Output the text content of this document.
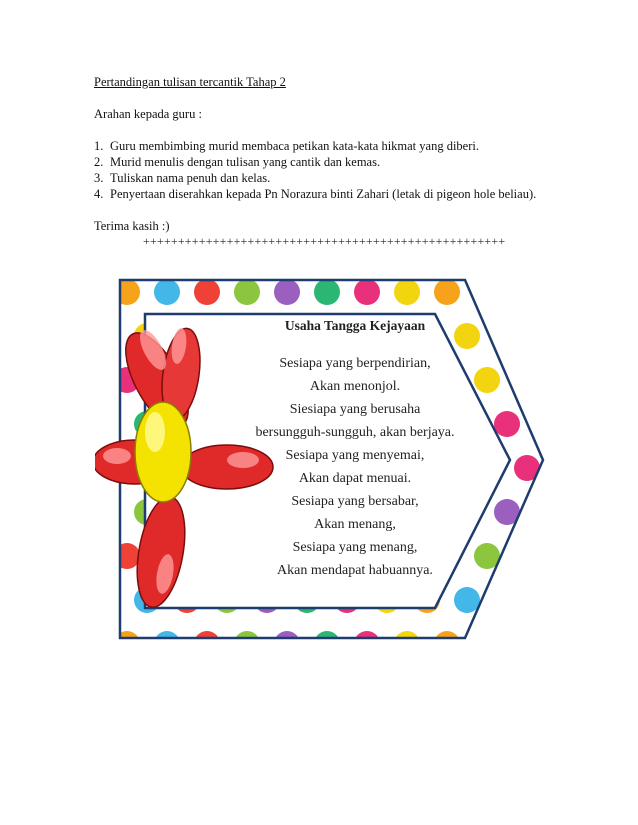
Pertandingan tulisan tercantik Tahap 2

Arahan kepada guru :

1. Guru membimbing murid membaca petikan kata-kata hikmat yang diberi.
2. Murid menulis dengan tulisan yang cantik dan kemas.
3. Tuliskan nama penuh dan kelas.
4. Penyertaan diserahkan kepada Pn Norazura binti Zahari (letak di pigeon hole beliau).

Terima kasih :)

++++++++++++++++++++++++++++++++++++++++++++++++++++
Usaha Tangga Kejayaan
Sesiapa yang berpendirian,
Akan menonjol.
Siesiapa yang berusaha
bersungguh-sungguh, akan berjaya.
Sesiapa yang menyemai,
Akan dapat menuai.
Sesiapa yang bersabar,
Akan menang,
Sesiapa yang menang,
Akan mendapat habuannya.
